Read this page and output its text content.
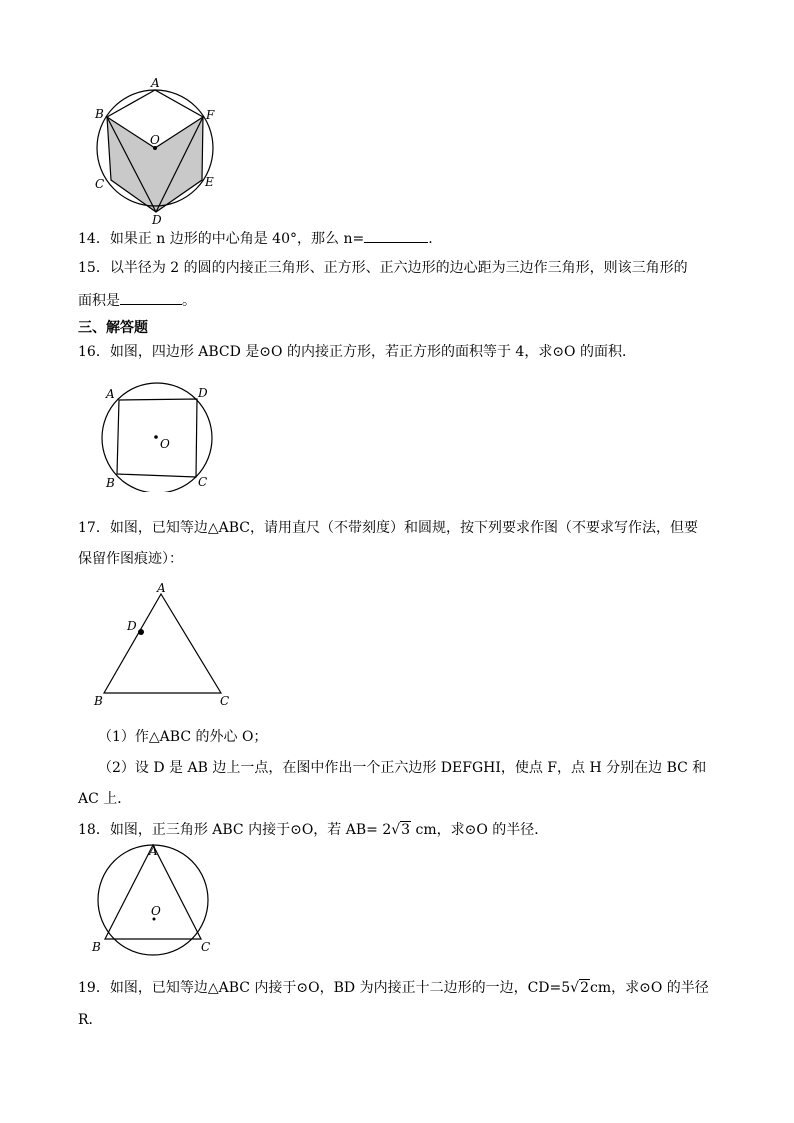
A
B
C
D
E
F
O
14．如果正 n 边形的中心角是 40°，那么 n=	.
15．以半径为 2 的圆的内接正三角形、正方形、正六边形的边心距为三边作三角形，则该三角形的
面积是	。
三、解答题
16．如图，四边形 ABCD 是⊙O 的内接正方形，若正方形的面积等于 4，求⊙O 的面积．
A	D
O
B	C
17．如图，已知等边△ABC，请用直尺（不带刻度）和圆规，按下列要求作图（不要求写作法，但要
保留作图痕迹）：
A
D
B	C
（1）作△ABC 的外心 O；
（2）设 D 是 AB 边上一点，在图中作出一个正六边形 DEFGHI，使点 F，点 H 分别在边 BC 和
AC 上．
18．如图，正三角形 ABC 内接于⊙O，若 AB= 2√3 cm，求⊙O 的半径．
A
O
B	C
19．如图，已知等边△ABC 内接于⊙O，BD 为内接正十二边形的一边，CD=5√2cm，求⊙O 的半径
R．
